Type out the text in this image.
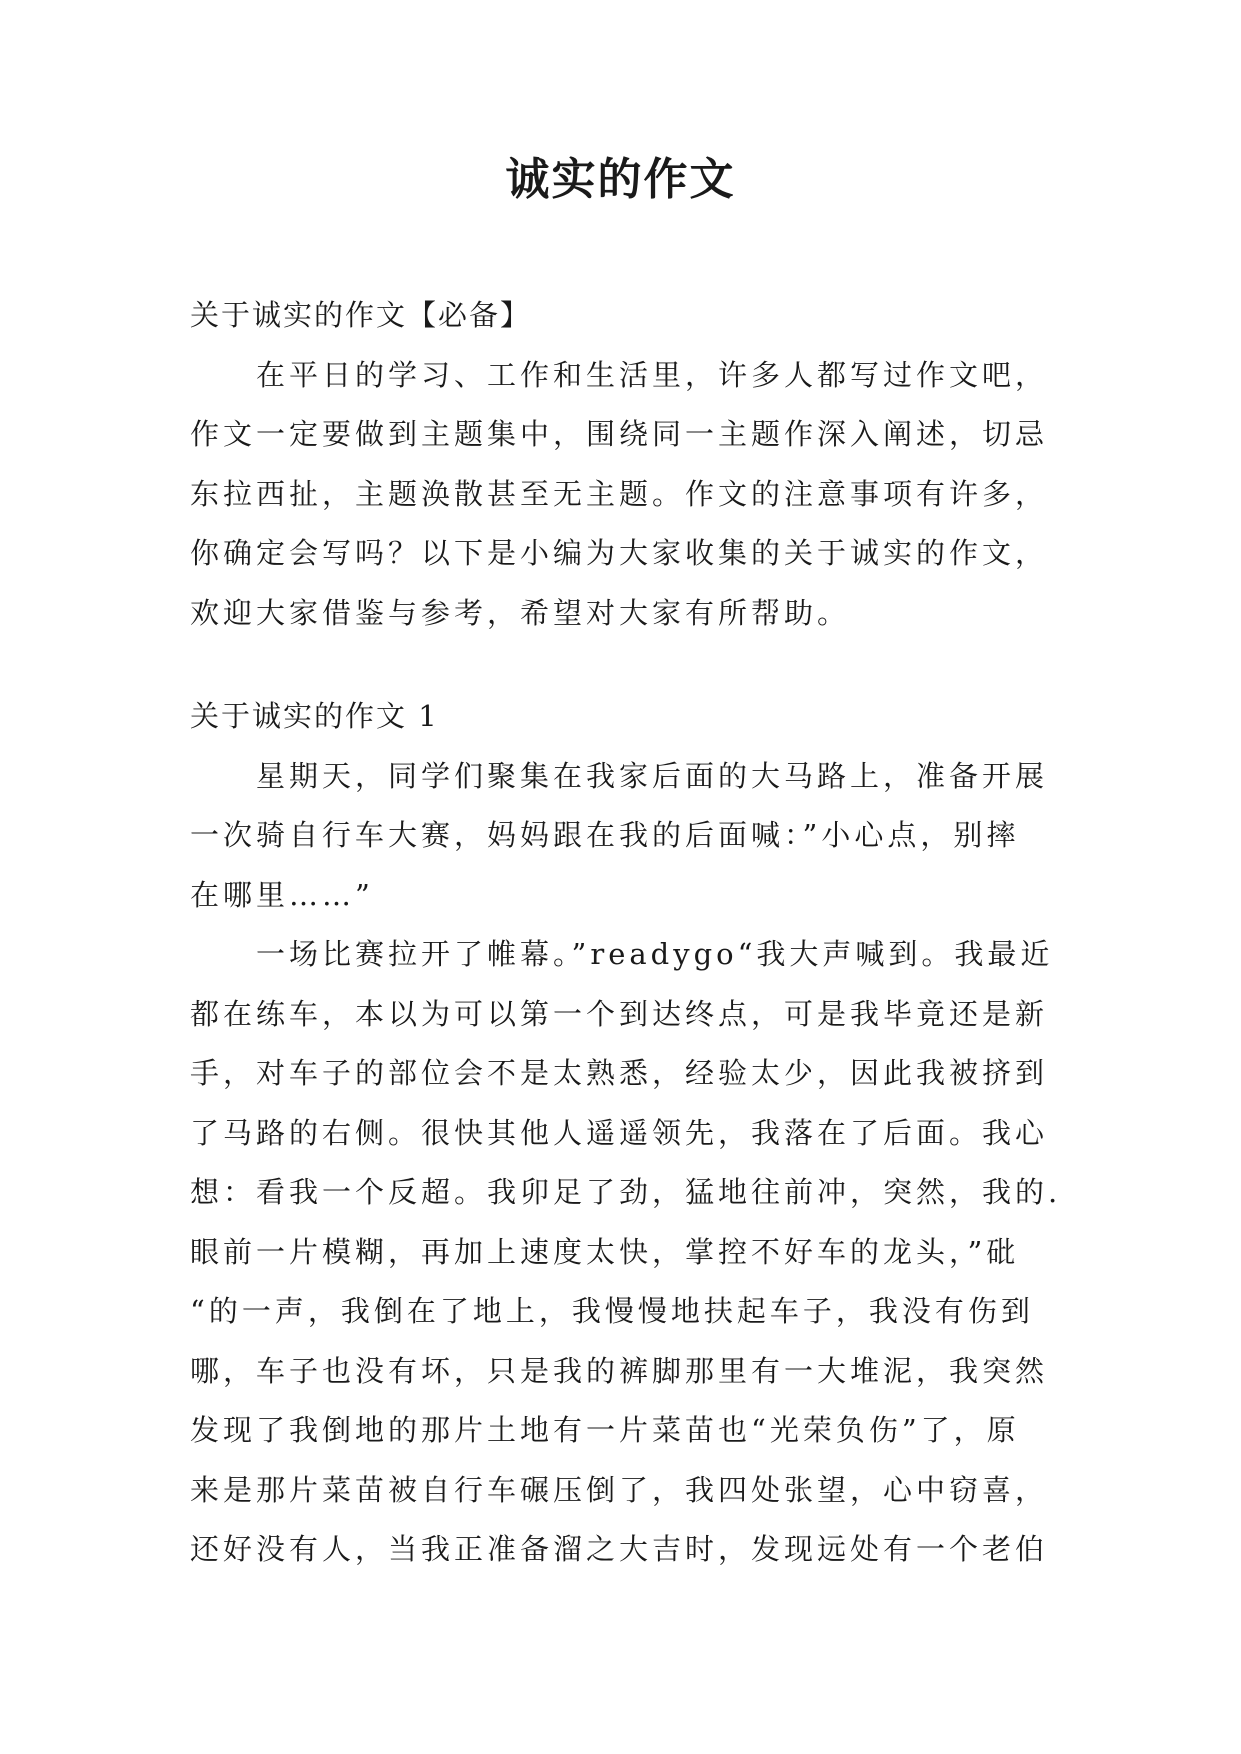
诚实的作文

关于诚实的作文【必备】

在平日的学习、工作和生活里，许多人都写过作文吧，
作文一定要做到主题集中，围绕同一主题作深入阐述，切忌
东拉西扯，主题涣散甚至无主题。作文的注意事项有许多，
你确定会写吗？以下是小编为大家收集的关于诚实的作文，
欢迎大家借鉴与参考，希望对大家有所帮助。

关于诚实的作文 1

星期天，同学们聚集在我家后面的大马路上，准备开展
一次骑自行车大赛，妈妈跟在我的后面喊：”小心点，别摔
在哪里……”

一场比赛拉开了帷幕。”readygo“我大声喊到。我最近
都在练车，本以为可以第一个到达终点，可是我毕竟还是新
手，对车子的部位会不是太熟悉，经验太少，因此我被挤到
了马路的右侧。很快其他人遥遥领先，我落在了后面。我心
想：看我一个反超。我卯足了劲，猛地往前冲，突然，我的.
眼前一片模糊，再加上速度太快，掌控不好车的龙头，”砒
“的一声，我倒在了地上，我慢慢地扶起车子，我没有伤到
哪，车子也没有坏，只是我的裤脚那里有一大堆泥，我突然
发现了我倒地的那片土地有一片菜苗也“光荣负伤”了，原
来是那片菜苗被自行车碾压倒了，我四处张望，心中窃喜，
还好没有人，当我正准备溜之大吉时，发现远处有一个老伯
